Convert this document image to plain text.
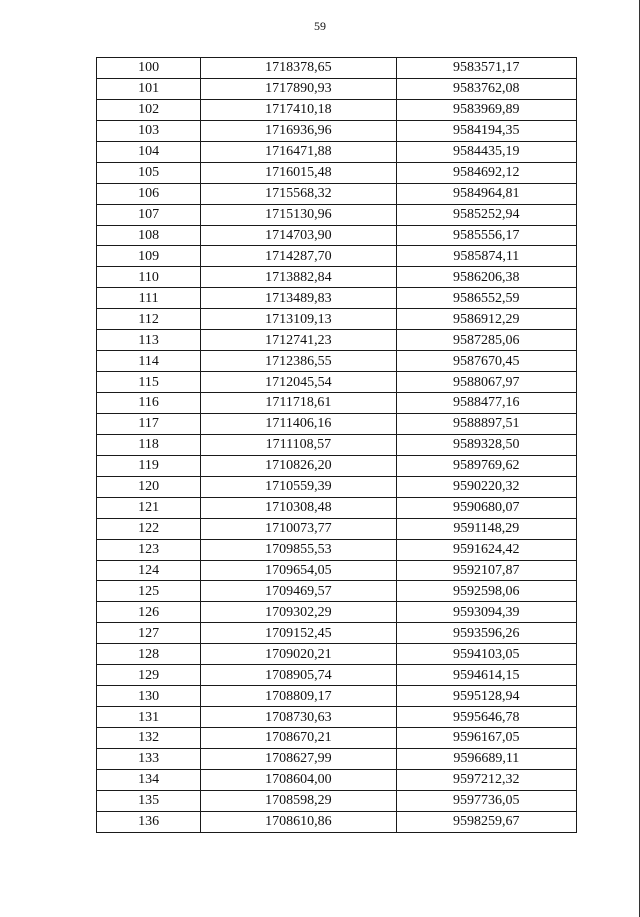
59
100	1718378,65	9583571,17
101	1717890,93	9583762,08
102	1717410,18	9583969,89
103	1716936,96	9584194,35
104	1716471,88	9584435,19
105	1716015,48	9584692,12
106	1715568,32	9584964,81
107	1715130,96	9585252,94
108	1714703,90	9585556,17
109	1714287,70	9585874,11
110	1713882,84	9586206,38
111	1713489,83	9586552,59
112	1713109,13	9586912,29
113	1712741,23	9587285,06
114	1712386,55	9587670,45
115	1712045,54	9588067,97
116	1711718,61	9588477,16
117	1711406,16	9588897,51
118	1711108,57	9589328,50
119	1710826,20	9589769,62
120	1710559,39	9590220,32
121	1710308,48	9590680,07
122	1710073,77	9591148,29
123	1709855,53	9591624,42
124	1709654,05	9592107,87
125	1709469,57	9592598,06
126	1709302,29	9593094,39
127	1709152,45	9593596,26
128	1709020,21	9594103,05
129	1708905,74	9594614,15
130	1708809,17	9595128,94
131	1708730,63	9595646,78
132	1708670,21	9596167,05
133	1708627,99	9596689,11
134	1708604,00	9597212,32
135	1708598,29	9597736,05
136	1708610,86	9598259,67
